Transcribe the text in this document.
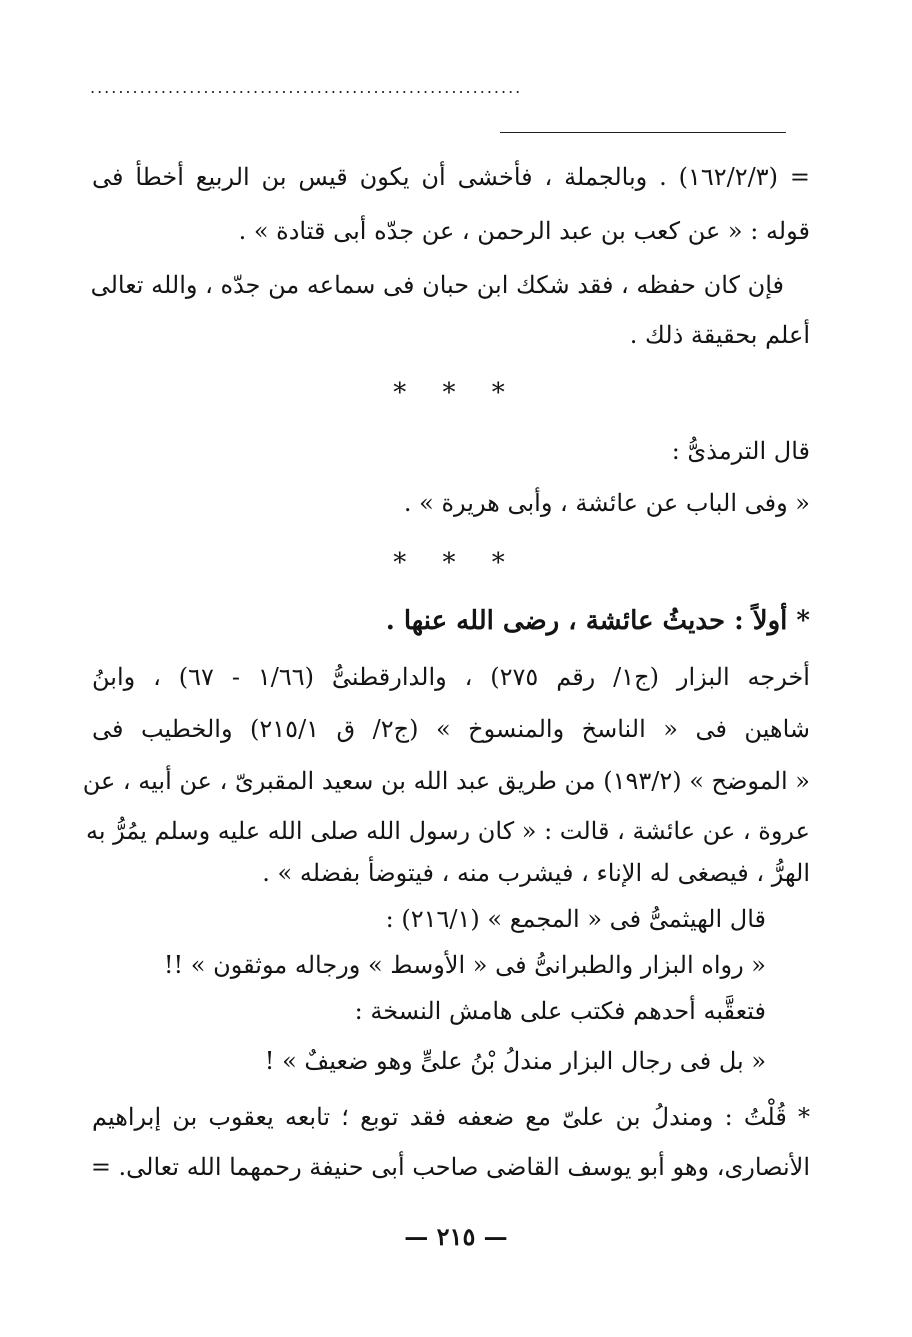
.............................................................
= (١٦٢/٢/٣) . وبالجملة ، فأخشى أن يكون قيس بن الربيع أخطأ فى
قوله : « عن كعب بن عبد الرحمن ، عن جدّه أبى قتادة » .
فإن كان حفظه ، فقد شكك ابن حبان فى سماعه من جدّه ، والله تعالى
أعلم بحقيقة ذلك .
* * *
قال الترمذىُّ :
« وفى الباب عن عائشة ، وأبى هريرة » .
* * *
* أولاً : حديثُ عائشة ، رضى الله عنها .
أخرجه البزار (ج١/ رقم ٢٧٥) ، والدارقطنىُّ (١/٦٦ - ٦٧) ، وابنُ
شاهين فى « الناسخ والمنسوخ » (ج٢/ ق ٢١٥/١) والخطيب فى
« الموضح » (١٩٣/٢) من طريق عبد الله بن سعيد المقبرىّ ، عن أبيه ، عن
عروة ، عن عائشة ، قالت : « كان رسول الله صلى الله عليه وسلم يمُرُّ به
الهرُّ ، فيصغى له الإناء ، فيشرب منه ، فيتوضأ بفضله » .
قال الهيثمىُّ فى « المجمع » (٢١٦/١) :
« رواه البزار والطبرانىُّ فى « الأوسط » ورجاله موثقون » !!
فتعقَّبه أحدهم فكتب على هامش النسخة :
« بل فى رجال البزار مندلُ بْنُ علىٍّ وهو ضعيفٌ » !
* قُلْتُ : ومندلُ بن علىّ مع ضعفه فقد توبع ؛ تابعه يعقوب بن إبراهيم
الأنصارى، وهو أبو يوسف القاضى صاحب أبى حنيفة رحمهما الله تعالى. =
— ٢١٥ —
